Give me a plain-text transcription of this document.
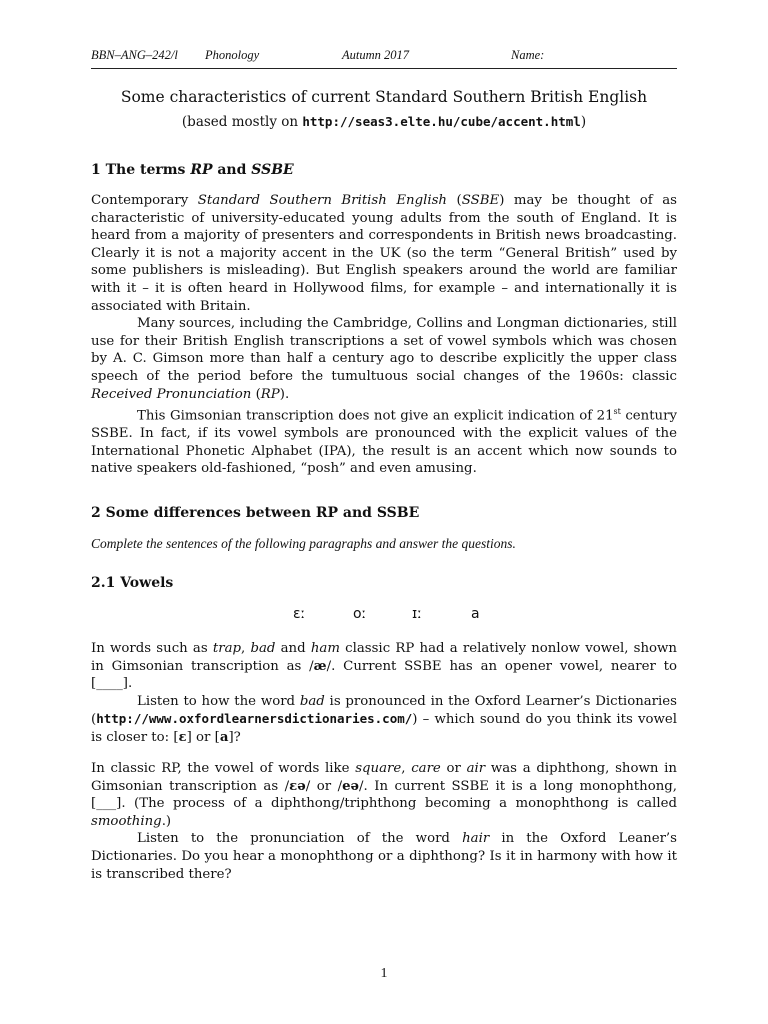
BBN–ANG–242/l Phonology	Autumn 2017	Name:
Some characteristics of current Standard Southern British English
(based mostly on http://seas3.elte.hu/cube/accent.html)
1 The terms RP and SSBE

Contemporary Standard Southern British English (SSBE) may be thought of as characteristic of university-educated young adults from the south of England. It is heard from a majority of presenters and correspondents in British news broadcasting. Clearly it is not a majority accent in the UK (so the term “General British” used by some publishers is misleading). But English speakers around the world are familiar with it – it is often heard in Hollywood films, for example – and internationally it is associated with Britain.

Many sources, including the Cambridge, Collins and Longman dictionaries, still use for their British English transcriptions a set of vowel symbols which was chosen by A. C. Gimson more than half a century ago to describe explicitly the upper class speech of the period before the tumultuous social changes of the 1960s: classic Received Pronunciation (RP).

This Gimsonian transcription does not give an explicit indication of 21st century SSBE. In fact, if its vowel symbols are pronounced with the explicit values of the International Phonetic Alphabet (IPA), the result is an accent which now sounds to native speakers old-fashioned, “posh” and even amusing.

2 Some differences between RP and SSBE
Complete the sentences of the following paragraphs and answer the questions.
2.1 Vowels
ɛː	oː	ɪː	a

In words such as trap, bad and ham classic RP had a relatively nonlow vowel, shown in Gimsonian transcription as /æ/. Current SSBE has an opener vowel, nearer to [____].

Listen to how the word bad is pronounced in the Oxford Learner’s Dictionaries (http://www.oxfordlearnersdictionaries.com/) – which sound do you think its vowel is closer to: [ɛ] or [a]?

In classic RP, the vowel of words like square, care or air was a diphthong, shown in Gimsonian transcription as /ɛə/ or /eə/. In current SSBE it is a long monophthong, [___]. (The process of a diphthong/triphthong becoming a monophthong is called smoothing.)

Listen to the pronunciation of the word hair in the Oxford Leaner’s Dictionaries. Do you hear a monophthong or a diphthong? Is it in harmony with how it is transcribed there?

1
